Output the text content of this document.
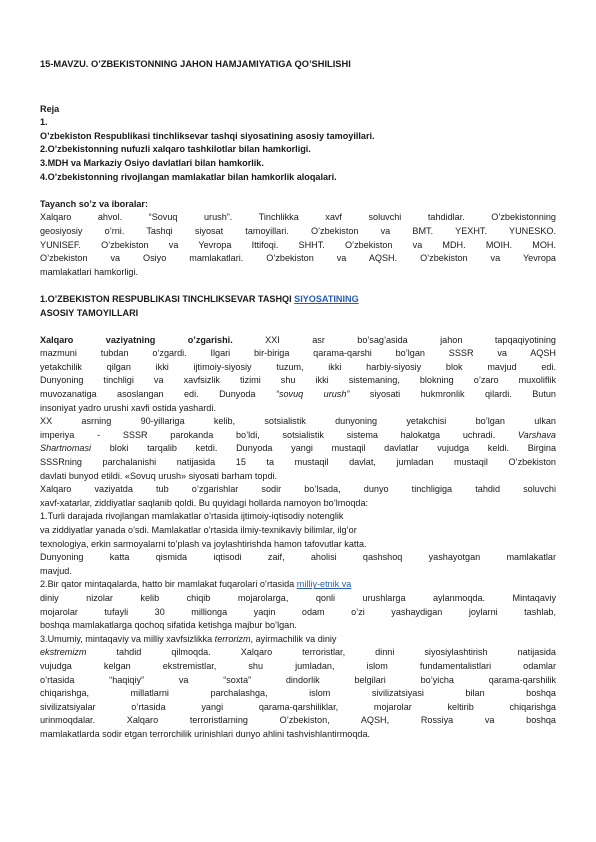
15-MAVZU. O’ZBEKISTONNING JAHON HAMJAMIYATIGA QO’SHILISHI

Reja

1.

O’zbekiston Respublikasi tinchliksevar tashqi siyosatining asosiy tamoyillari.

2.O’zbekistonning nufuzli xalqaro tashkilotlar bilan hamkorligi.

3.MDH va Markaziy Osiyo davlatlari bilan hamkorlik.

4.O’zbekistonning rivojlangan mamlakatlar bilan hamkorlik aloqalari.

Tayanch so’z va iboralar:

Xalqaro ahvol. “Sovuq urush”. Tinchlikka xavf soluvchi tahdidlar. O’zbekistonning

geosiyosiy o’rni. Tashqi siyosat tamoyillari. O’zbekiston va BMT. YEXHT. YUNESKO.

YUNISEF. O’zbekiston va Yevropa Ittifoqi. SHHT. O’zbekiston va MDH. MOIH. MOH.

O’zbekiston va Osiyo mamlakatlari. O’zbekiston va AQSH. O’zbekiston va Yevropa

mamlakatlari hamkorligi.

1.O’ZBEKISTON RESPUBLIKASI TINCHLIKSEVAR TASHQI SIYOSATINING

ASOSIY TAMOYILLARI

Xalqaro vaziyatning o’zgarishi. XXI asr bo’sag’asida jahon tapqaqiyotining

mazmuni tubdan o’zgardi. Ilgari bir-biriga qarama-qarshi bo’lgan SSSR va AQSH

yetakchilik qilgan ikki ijtimoiy-siyosiy tuzum, ikki harbiy-siyosiy blok mavjud edi.

Dunyoning tinchligi va xavfsizlik tizimi shu ikki sistemaning, blokning o’zaro muxoliflik

muvozanatiga asoslangan edi. Dunyoda “sovuq urush” siyosati hukmronlik qilardi. Butun

insoniyat yadro urushi xavfi ostida yashardi.

XX asrning 90-yillariga kelib, sotsialistik dunyoning yetakchisi bo’lgan ulkan

imperiya - SSSR parokanda bo’ldi, sotsialistik sistema halokatga uchradi. Varshava

Shartnomasi bloki tarqalib ketdi. Dunyoda yangi mustaqil davlatlar vujudga keldi. Birgina

SSSRning parchalanishi natijasida 15 ta mustaqil davlat, jumladan mustaqil O’zbekiston

davlati bunyod etildi. «Sovuq urush» siyosati barham topdi.

Xalqaro vaziyatda tub o’zgarishlar sodir bo’lsada, dunyo tinchligiga tahdid soluvchi

xavf-xatarlar, ziddiyatlar saqlanib qoldi. Bu quyidagi hollarda namoyon bo’lmoqda:

1.Turli darajada rivojlangan mamlakatlar o’rtasida ijtimoiy-iqtisodiy notenglik

va ziddiyatlar yanada o’sdi. Mamlakatlar o’rtasida ilmiy-texnikaviy bilimlar, ilg’or

texnologiya, erkin sarmoyalarni to’plash va joylashtirishda hamon tafovutlar katta.

Dunyoning katta qismida iqtisodi zaif, aholisi qashshoq yashayotgan mamlakatlar

mavjud.

2.Bir qator mintaqalarda, hatto bir mamlakat fuqarolari o’rtasida milliy-etnik va

diniy nizolar kelib chiqib mojarolarga, qonli urushlarga aylanmoqda. Mintaqaviy

mojarolar tufayli 30 millionga yaqin odam o’zi yashaydigan joylarni tashlab,

boshqa mamlakatlarga qochoq sifatida ketishga majbur bo’lgan.

3.Umumiy, mintaqaviy va milliy xavfsizlikka terrorizm, ayirmachilik va diniy

ekstremizm tahdid qilmoqda. Xalqaro terroristlar, dinni siyosiylashtirish natijasida

vujudga kelgan ekstremistlar, shu jumladan, islom fundamentalistlari odamlar

o’rtasida “haqiqiy” va “soxta” dindorlik belgilari bo’yicha qarama-qarshilik

chiqarishga, millatlarni parchalashga, islom sivilizatsiyasi bilan boshqa

sivilizatsiyalar o’rtasida yangi qarama-qarshiliklar, mojarolar keltirib chiqarishga

urinmoqdalar. Xalqaro terroristlarning O’zbekiston, AQSH, Rossiya va boshqa

mamlakatlarda sodir etgan terrorchilik urinishlari dunyo ahlini tashvishlantirmoqda.
